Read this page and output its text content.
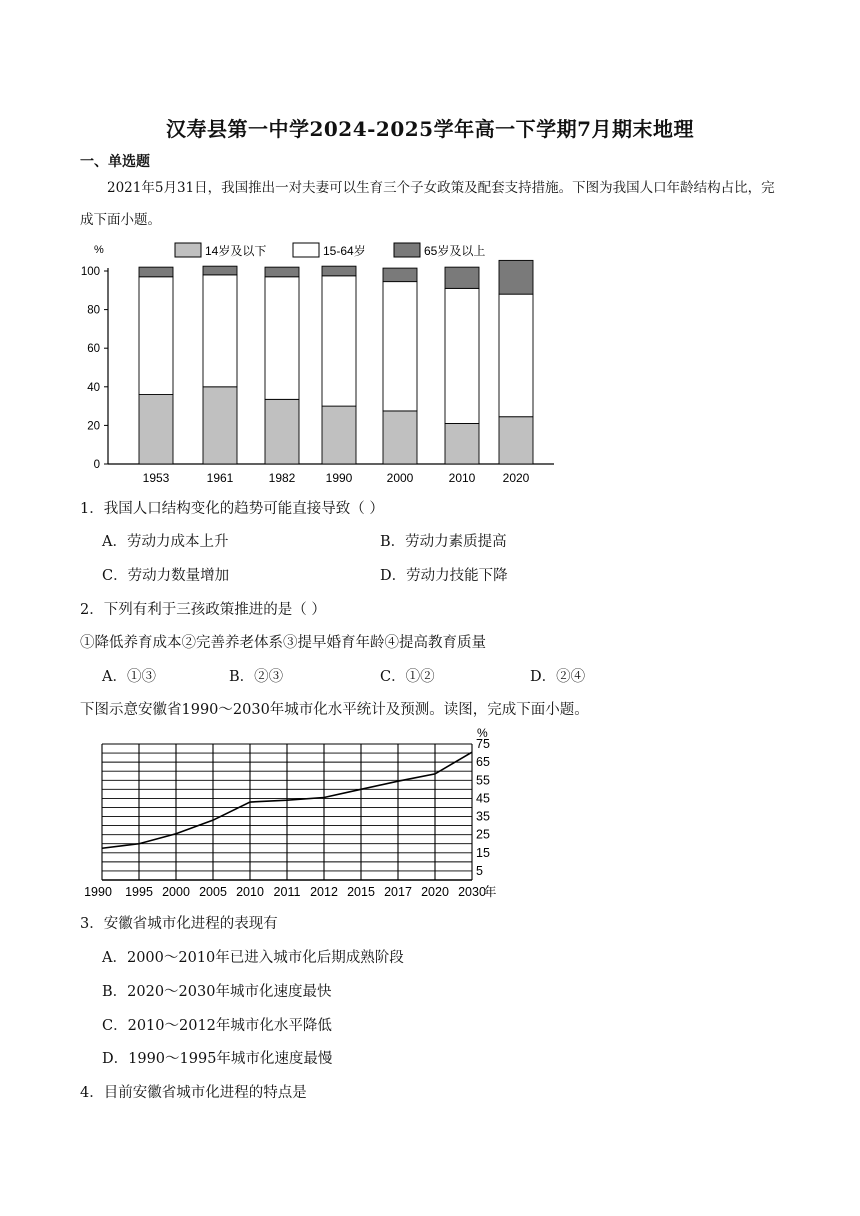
汉寿县第一中学2024-2025学年高一下学期7月期末地理
一、单选题
2021年5月31日，我国推出一对夫妻可以生育三个子女政策及配套支持措施。下图为我国人口年龄结构占比，完成下面小题。
%
0
20
40
60
80
100
14岁及以下	15-64岁	65岁及以上
1953	1961	1982	1990	2000	2010 2020
1．我国人口结构变化的趋势可能直接导致（ ）
A．劳动力成本上升	B．劳动力素质提高
C．劳动力数量增加	D．劳动力技能下降
2．下列有利于三孩政策推进的是（ ）
①降低养育成本②完善养老体系③提早婚育年龄④提高教育质量
A．①③	B．②③	C．①②	D．②④
下图示意安徽省1990～2030年城市化水平统计及预测。读图，完成下面小题。
1990 1995 2000 2005 2010 2011 2012 2015 2017 2020 2030
年
%
5
15
25
35
45
55
65
75
3．安徽省城市化进程的表现有
A．2000～2010年已进入城市化后期成熟阶段
B．2020～2030年城市化速度最快
C．2010～2012年城市化水平降低
D．1990～1995年城市化速度最慢
4．目前安徽省城市化进程的特点是
